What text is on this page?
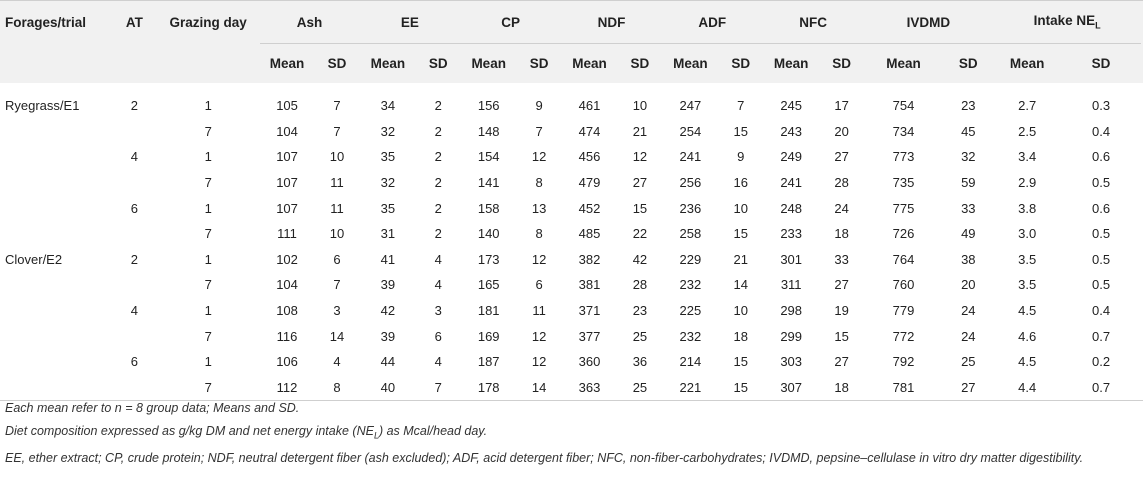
Forages/trial	AT	Grazing day	Ash		EE		CP		NDF		ADF		NFC		IVDMD		Intake $NE_L$	
			Mean	SD	Mean	SD	Mean	SD	Mean	SD	Mean	SD	Mean	SD	Mean	SD	Mean	SD	

Ryegrass/E1	2	1	105	7	34	2	156	9	461	10	247	7	245	17	754	23	2.7	0.3	
		7	104	7	32	2	148	7	474	21	254	15	243	20	734	45	2.5	0.4	
	4	1	107	10	35	2	154	12	456	12	241	9	249	27	773	32	3.4	0.6	
		7	107	11	32	2	141	8	479	27	256	16	241	28	735	59	2.9	0.5	
	6	1	107	11	35	2	158	13	452	15	236	10	248	24	775	33	3.8	0.6	
		7	111	10	31	2	140	8	485	22	258	15	233	18	726	49	3.0	0.5	
Clover/E2	2	1	102	6	41	4	173	12	382	42	229	21	301	33	764	38	3.5	0.5	
		7	104	7	39	4	165	6	381	28	232	14	311	27	760	20	3.5	0.5	
	4	1	108	3	42	3	181	11	371	23	225	10	298	19	779	24	4.5	0.4	
		7	116	14	39	6	169	12	377	25	232	18	299	15	772	24	4.6	0.7	
	6	1	106	4	44	4	187	12	360	36	214	15	303	27	792	25	4.5	0.2	
		7	112	8	40	7	178	14	363	25	221	15	307	18	781	27	4.4	0.7	

Each mean refer to n = 8 group data; Means and SD.

Diet composition expressed as g/kg DM and net energy intake $(NE_L)$ as Mcal/head day.

EE, ether extract; CP, crude protein; NDF, neutral detergent fiber (ash excluded); ADF, acid detergent fiber; NFC, non-fiber-carbohydrates; IVDMD, pepsine–cellulase in vitro dry matter digestibility.
